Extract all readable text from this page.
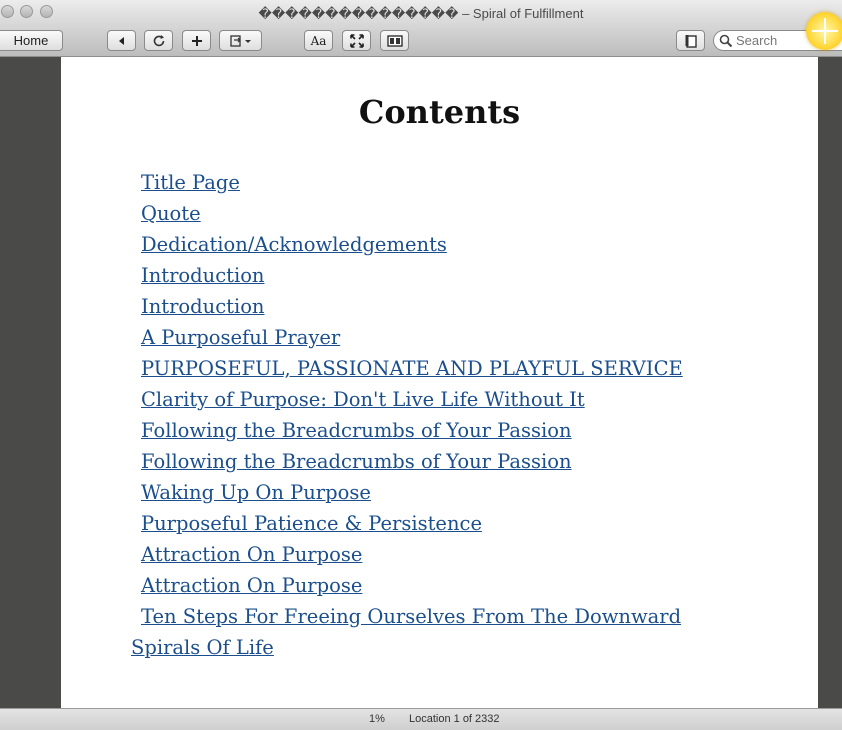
��������������� – Spiral of Fulfillment
Home	Aa	Search
Contents
Title Page
Quote
Dedication/Acknowledgements
Introduction
Introduction
A Purposeful Prayer
PURPOSEFUL, PASSIONATE AND PLAYFUL SERVICE
Clarity of Purpose: Don't Live Life Without It
Following the Breadcrumbs of Your Passion
Following the Breadcrumbs of Your Passion
Waking Up On Purpose
Purposeful Patience & Persistence
Attraction On Purpose
Attraction On Purpose
Ten Steps For Freeing Ourselves From The Downward Spirals Of Life
1% Location 1 of 2332
